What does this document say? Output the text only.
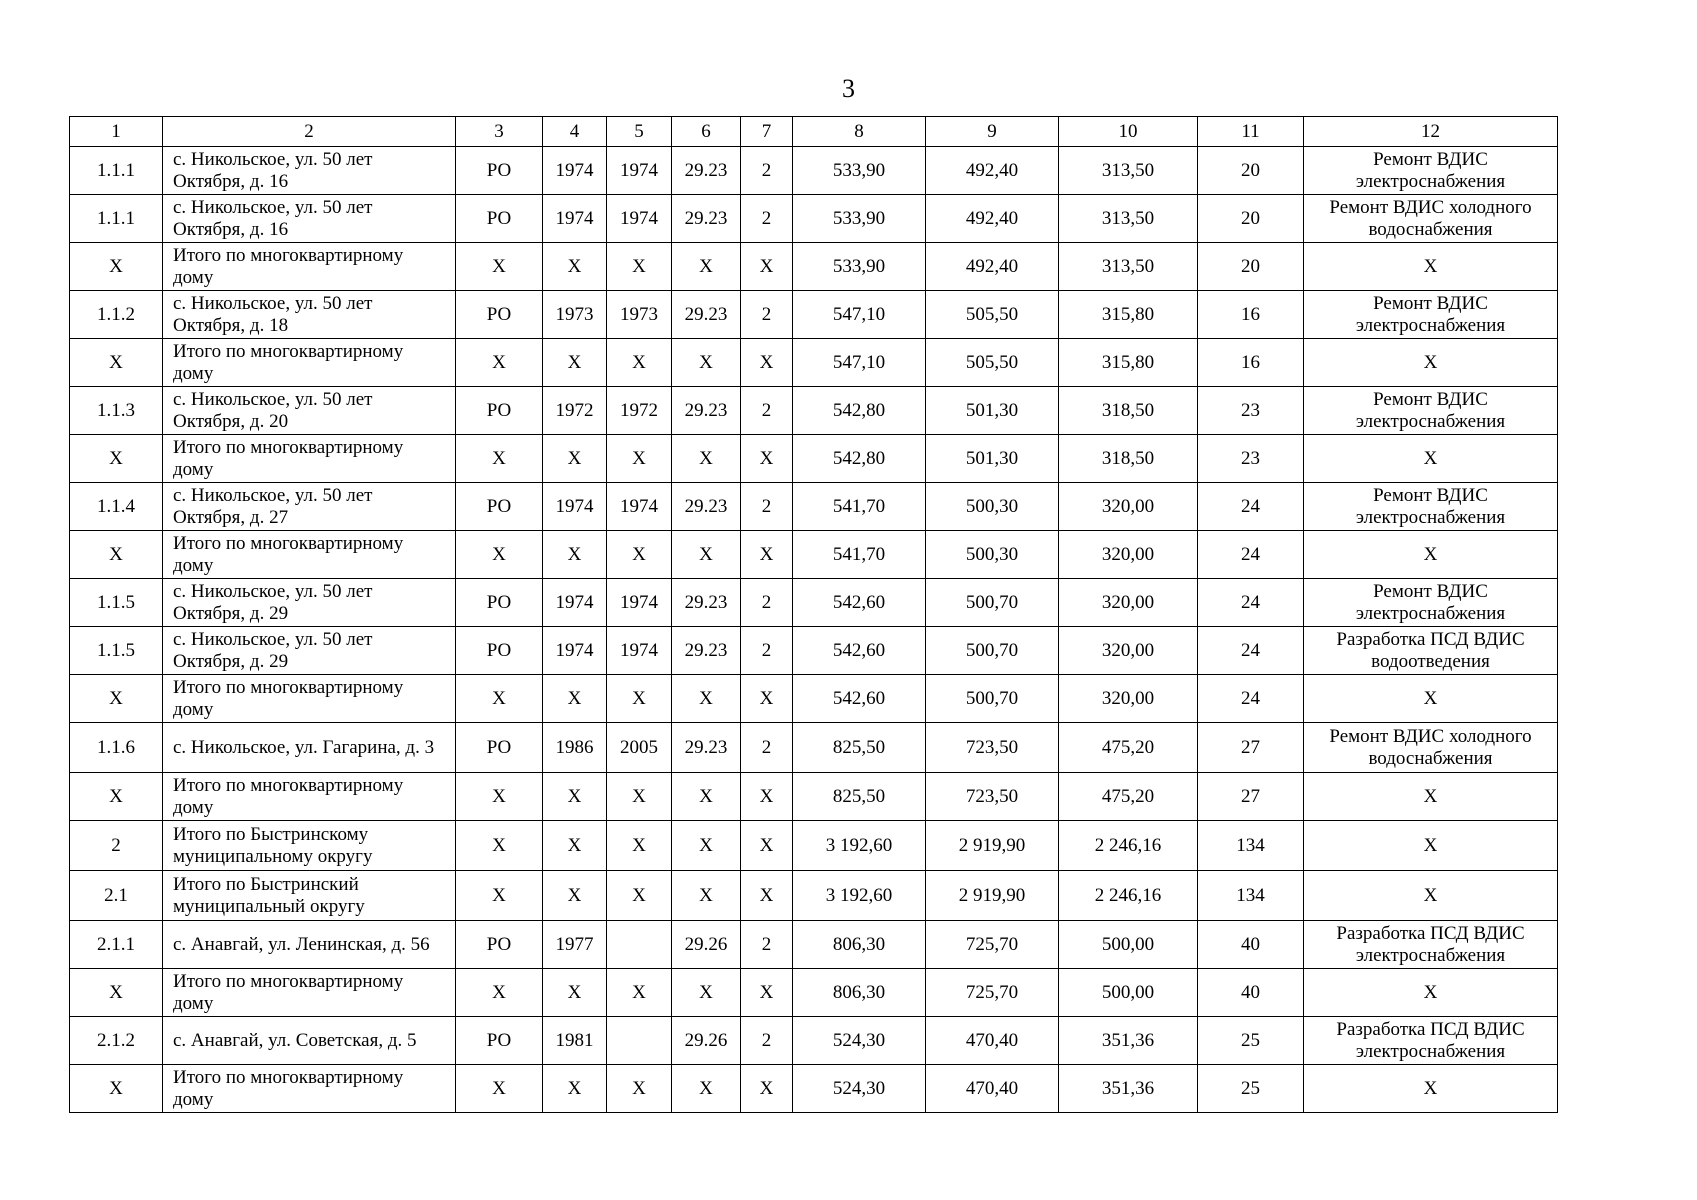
3
1	2	3	4	5	6	7	8	9	10	11	12
1.1.1	с. Никольское, ул. 50 лет Октября, д. 16	РО	1974	1974	29.23	2	533,90	492,40	313,50	20	Ремонт ВДИС электроснабжения
1.1.1	с. Никольское, ул. 50 лет Октября, д. 16	РО	1974	1974	29.23	2	533,90	492,40	313,50	20	Ремонт ВДИС холодного водоснабжения
Х	Итого по многоквартирному дому	Х	Х	Х	Х	Х	533,90	492,40	313,50	20	Х
1.1.2	с. Никольское, ул. 50 лет Октября, д. 18	РО	1973	1973	29.23	2	547,10	505,50	315,80	16	Ремонт ВДИС электроснабжения
Х	Итого по многоквартирному дому	Х	Х	Х	Х	Х	547,10	505,50	315,80	16	Х
1.1.3	с. Никольское, ул. 50 лет Октября, д. 20	РО	1972	1972	29.23	2	542,80	501,30	318,50	23	Ремонт ВДИС электроснабжения
Х	Итого по многоквартирному дому	Х	Х	Х	Х	Х	542,80	501,30	318,50	23	Х
1.1.4	с. Никольское, ул. 50 лет Октября, д. 27	РО	1974	1974	29.23	2	541,70	500,30	320,00	24	Ремонт ВДИС электроснабжения
Х	Итого по многоквартирному дому	Х	Х	Х	Х	Х	541,70	500,30	320,00	24	Х
1.1.5	с. Никольское, ул. 50 лет Октября, д. 29	РО	1974	1974	29.23	2	542,60	500,70	320,00	24	Ремонт ВДИС электроснабжения
1.1.5	с. Никольское, ул. 50 лет Октября, д. 29	РО	1974	1974	29.23	2	542,60	500,70	320,00	24	Разработка ПСД ВДИС водоотведения
Х	Итого по многоквартирному дому	Х	Х	Х	Х	Х	542,60	500,70	320,00	24	Х
1.1.6	с. Никольское, ул. Гагарина, д. 3	РО	1986	2005	29.23	2	825,50	723,50	475,20	27	Ремонт ВДИС холодного водоснабжения
Х	Итого по многоквартирному дому	Х	Х	Х	Х	Х	825,50	723,50	475,20	27	Х
2	Итого по Быстринскому муниципальному округу	Х	Х	Х	Х	Х	3 192,60	2 919,90	2 246,16	134	Х
2.1	Итого по Быстринский муниципальный округу	Х	Х	Х	Х	Х	3 192,60	2 919,90	2 246,16	134	Х
2.1.1	с. Анавгай, ул. Ленинская, д. 56	РО	1977		29.26	2	806,30	725,70	500,00	40	Разработка ПСД ВДИС электроснабжения
Х	Итого по многоквартирному дому	Х	Х	Х	Х	Х	806,30	725,70	500,00	40	Х
2.1.2	с. Анавгай, ул. Советская, д. 5	РО	1981		29.26	2	524,30	470,40	351,36	25	Разработка ПСД ВДИС электроснабжения
Х	Итого по многоквартирному дому	Х	Х	Х	Х	Х	524,30	470,40	351,36	25	Х
